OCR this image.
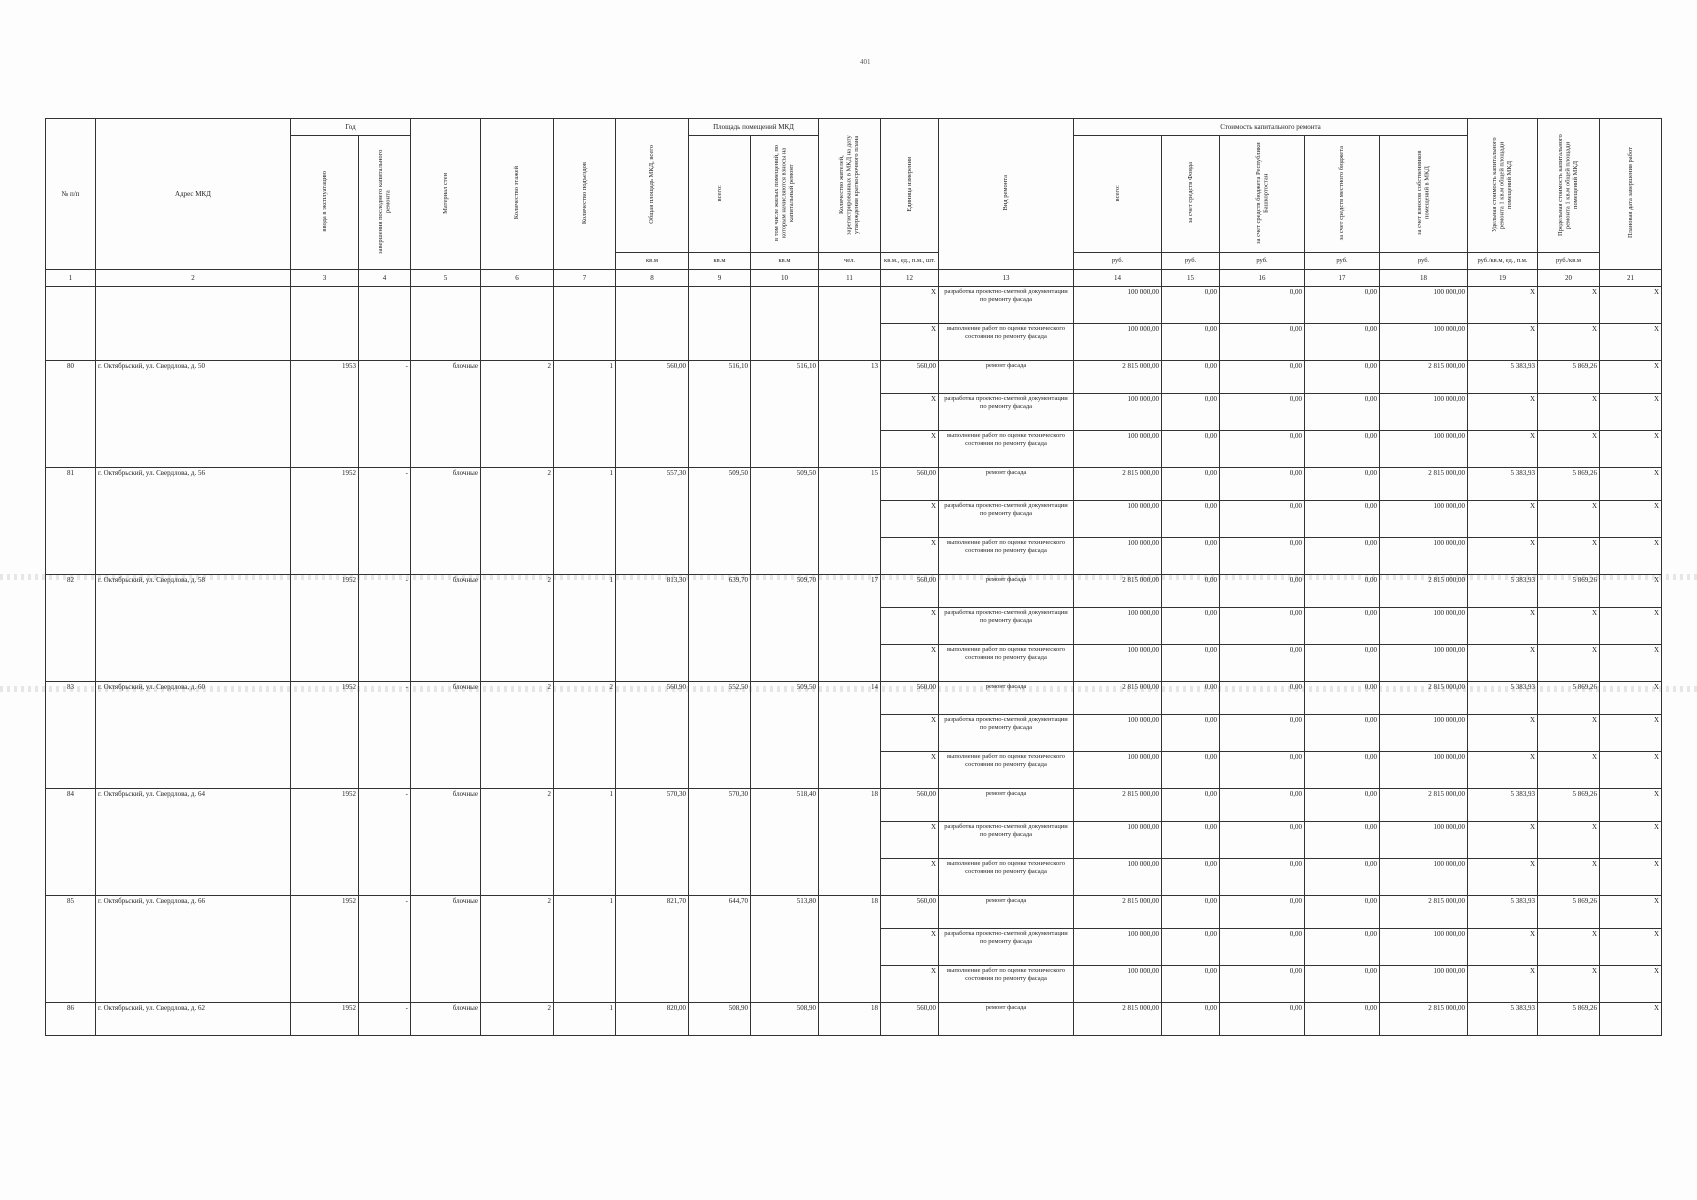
401
№ п/п	Адрес МКД	Год		Материал стен	Количество этажей	Количество подъездов	Общая площадь МКД, всего	Площадь помещений МКД		Количество жителей, зарегистрированных в МКД на дату утверждения краткосрочного плана	Единица измерения	Вид ремонта	Стоимость капитального ремонта					Удельная стоимость капитального ремонта 1 кв.м общей площади помещений МКД	Предельная стоимость капитального ремонта 1 кв.м общей площади помещений МКД	Плановая дата завершения работ
		ввода в эксплуатацию	завершения последнего капитального ремонта					всего:	в том числе жилых помещений, по которым начисляются взносы на капитальный ремонт				всего:	за счет средств Фонда	за счет средств бюджета Республики Башкортостан	за счет средств местного бюджета	за счет взносов собственников помещений в МКД			
							кв.м	кв.м	кв.м	чел.	кв.м., ед., п.м., шт.		руб.	руб.	руб.	руб.	руб.	руб./кв.м, ед., п.м.	руб./кв.м	
1	2	3	4	5	6	7	8	9	10	11	12	13	14	15	16	17	18	19	20	21
											X	разработка проектно-сметной документации по ремонту фасада	100 000,00	0,00	0,00	0,00	100 000,00	X	X	X
											X	выполнение работ по оценке технического состояния по ремонту фасада	100 000,00	0,00	0,00	0,00	100 000,00	X	X	X
80	г. Октябрьский, ул. Свердлова, д. 50	1953	-	блочные	2	1	560,00	516,10	516,10	13	560,00	ремонт фасада	2 815 000,00	0,00	0,00	0,00	2 815 000,00	5 383,93	5 869,26	X
											X	разработка проектно-сметной документации по ремонту фасада	100 000,00	0,00	0,00	0,00	100 000,00	X	X	X
											X	выполнение работ по оценке технического состояния по ремонту фасада	100 000,00	0,00	0,00	0,00	100 000,00	X	X	X
81	г. Октябрьский, ул. Свердлова, д. 56	1952	-	блочные	2	1	557,30	509,50	509,50	15	560,00	ремонт фасада	2 815 000,00	0,00	0,00	0,00	2 815 000,00	5 383,93	5 869,26	X
											X	разработка проектно-сметной документации по ремонту фасада	100 000,00	0,00	0,00	0,00	100 000,00	X	X	X
											X	выполнение работ по оценке технического состояния по ремонту фасада	100 000,00	0,00	0,00	0,00	100 000,00	X	X	X
82	г. Октябрьский, ул. Свердлова, д. 58	1952	-	блочные	2	1	813,30	639,70	509,70	17	560,00	ремонт фасада	2 815 000,00	0,00	0,00	0,00	2 815 000,00	5 383,93	5 869,26	X
											X	разработка проектно-сметной документации по ремонту фасада	100 000,00	0,00	0,00	0,00	100 000,00	X	X	X
											X	выполнение работ по оценке технического состояния по ремонту фасада	100 000,00	0,00	0,00	0,00	100 000,00	X	X	X
83	г. Октябрьский, ул. Свердлова, д. 60	1952	-	блочные	2	2	560,90	552,50	509,50	14	560,00	ремонт фасада	2 815 000,00	0,00	0,00	0,00	2 815 000,00	5 383,93	5 869,26	X
											X	разработка проектно-сметной документации по ремонту фасада	100 000,00	0,00	0,00	0,00	100 000,00	X	X	X
											X	выполнение работ по оценке технического состояния по ремонту фасада	100 000,00	0,00	0,00	0,00	100 000,00	X	X	X
84	г. Октябрьский, ул. Свердлова, д. 64	1952	-	блочные	2	1	570,30	570,30	518,40	18	560,00	ремонт фасада	2 815 000,00	0,00	0,00	0,00	2 815 000,00	5 383,93	5 869,26	X
											X	разработка проектно-сметной документации по ремонту фасада	100 000,00	0,00	0,00	0,00	100 000,00	X	X	X
											X	выполнение работ по оценке технического состояния по ремонту фасада	100 000,00	0,00	0,00	0,00	100 000,00	X	X	X
85	г. Октябрьский, ул. Свердлова, д. 66	1952	-	блочные	2	1	821,70	644,70	513,80	18	560,00	ремонт фасада	2 815 000,00	0,00	0,00	0,00	2 815 000,00	5 383,93	5 869,26	X
											X	разработка проектно-сметной документации по ремонту фасада	100 000,00	0,00	0,00	0,00	100 000,00	X	X	X
											X	выполнение работ по оценке технического состояния по ремонту фасада	100 000,00	0,00	0,00	0,00	100 000,00	X	X	X
86	г. Октябрьский, ул. Свердлова, д. 62	1952	-	блочные	2	1	820,00	508,90	508,90	18	560,00	ремонт фасада	2 815 000,00	0,00	0,00	0,00	2 815 000,00	5 383,93	5 869,26	X
